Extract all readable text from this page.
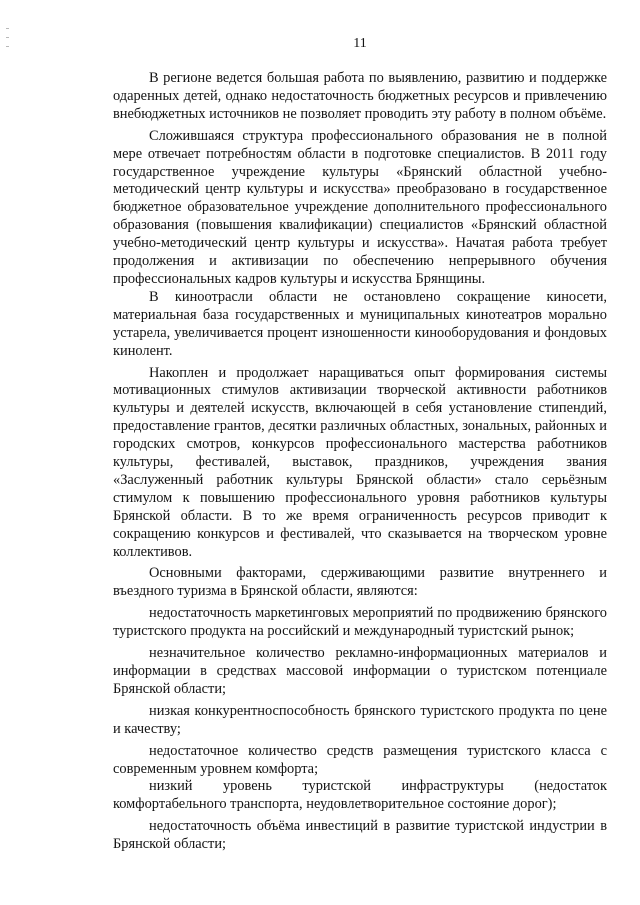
11

В регионе ведется большая работа по выявлению, развитию и поддержке одаренных детей, однако недостаточность бюджетных ресурсов и привлечению внебюджетных источников не позволяет проводить эту работу в полном объёме.

Сложившаяся структура профессионального образования не в полной мере отвечает потребностям области в подготовке специалистов. В 2011 году государственное учреждение культуры «Брянский областной учебно-методический центр культуры и искусства» преобразовано в государственное бюджетное образовательное учреждение дополнительного профессионального образования (повышения квалификации) специалистов «Брянский областной учебно-методический центр культуры и искусства». Начатая работа требует продолжения и активизации по обеспечению непрерывного обучения профессиональных кадров культуры и искусства Брянщины.

В киноотрасли области не остановлено сокращение киносети, материальная база государственных и муниципальных кинотеатров морально устарела, увеличивается процент изношенности кинооборудования и фондовых кинолент.

Накоплен и продолжает наращиваться опыт формирования системы мотивационных стимулов активизации творческой активности работников культуры и деятелей искусств, включающей в себя установление стипендий, предоставление грантов, десятки различных областных, зональных, районных и городских смотров, конкурсов профессионального мастерства работников культуры, фестивалей, выставок, праздников, учреждения звания «Заслуженный работник культуры Брянской области» стало серьёзным стимулом к повышению профессионального уровня работников культуры Брянской области. В то же время ограниченность ресурсов приводит к сокращению конкурсов и фестивалей, что сказывается на творческом уровне коллективов.

Основными факторами, сдерживающими развитие внутреннего и въездного туризма в Брянской области, являются:

недостаточность маркетинговых мероприятий по продвижению брянского туристского продукта на российский и международный туристский рынок;

незначительное количество рекламно-информационных материалов и информации в средствах массовой информации о туристском потенциале Брянской области;

низкая конкурентноспособность брянского туристского продукта по цене и качеству;

недостаточное количество средств размещения туристского класса с современным уровнем комфорта;

низкий уровень туристской инфраструктуры (недостаток комфортабельного транспорта, неудовлетворительное состояние дорог);

недостаточность объёма инвестиций в развитие туристской индустрии в Брянской области;
